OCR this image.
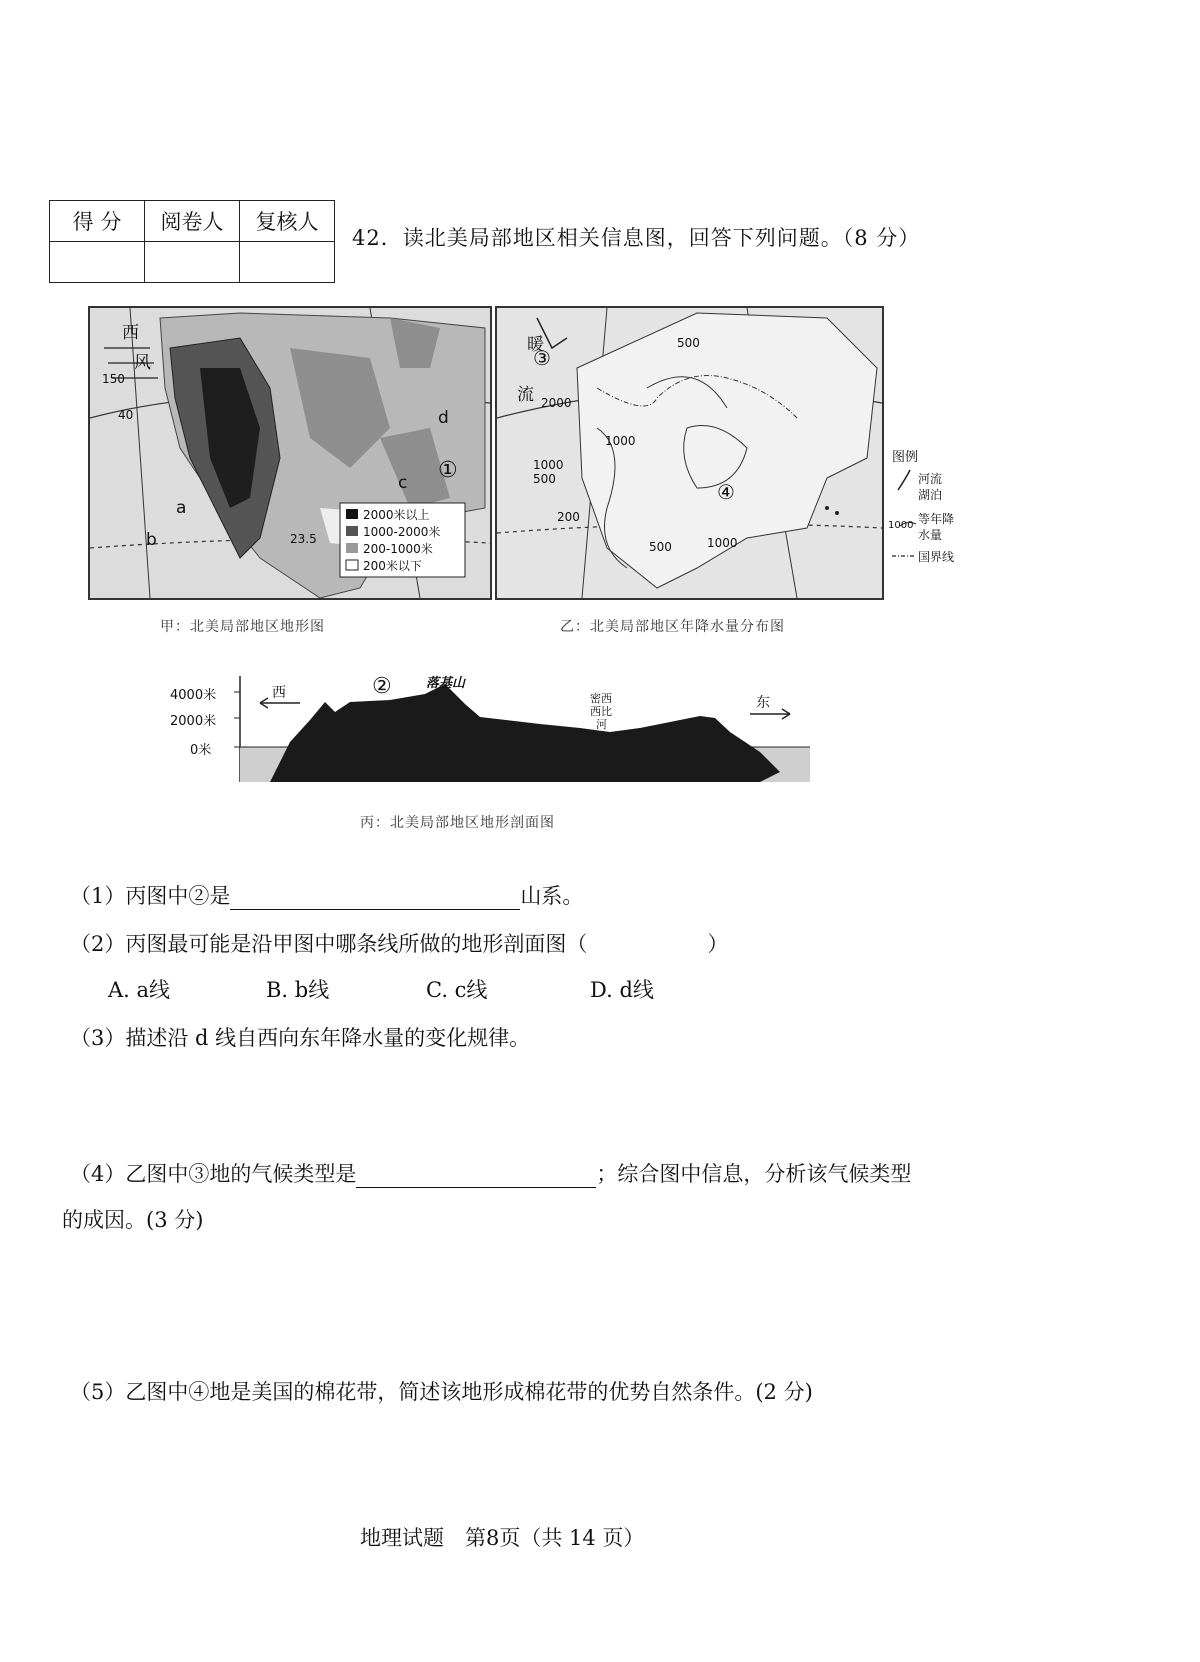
得 分	阅卷人	复核人

42．读北美局部地区相关信息图，回答下列问题。（8 分）
西
风
150
40
23.5
a
b
c
d
①
2000米以上
1000-2000米
200-1000米
200米以下
甲：北美局部地区地形图
暖
流
③
④
500
2000
1000
1000
500
200
500	1000
图例
河流
湖泊
等年降
水量
1000
国界线
乙：北美局部地区年降水量分布图
4000米
2000米
0米
西
东
②	落基山
密西
西比
河
丙：北美局部地区地形剖面图
（1）丙图中②是	山系。
（2）丙图最可能是沿甲图中哪条线所做的地形剖面图（	）
A. a线	B. b线	C. c线	D. d线
（3）描述沿 d 线自西向东年降水量的变化规律。
（4）乙图中③地的气候类型是	；综合图中信息，分析该气候类型
的成因。(3 分)
（5）乙图中④地是美国的棉花带，简述该地形成棉花带的优势自然条件。(2 分)
地理试题　第8页（共 14 页）
